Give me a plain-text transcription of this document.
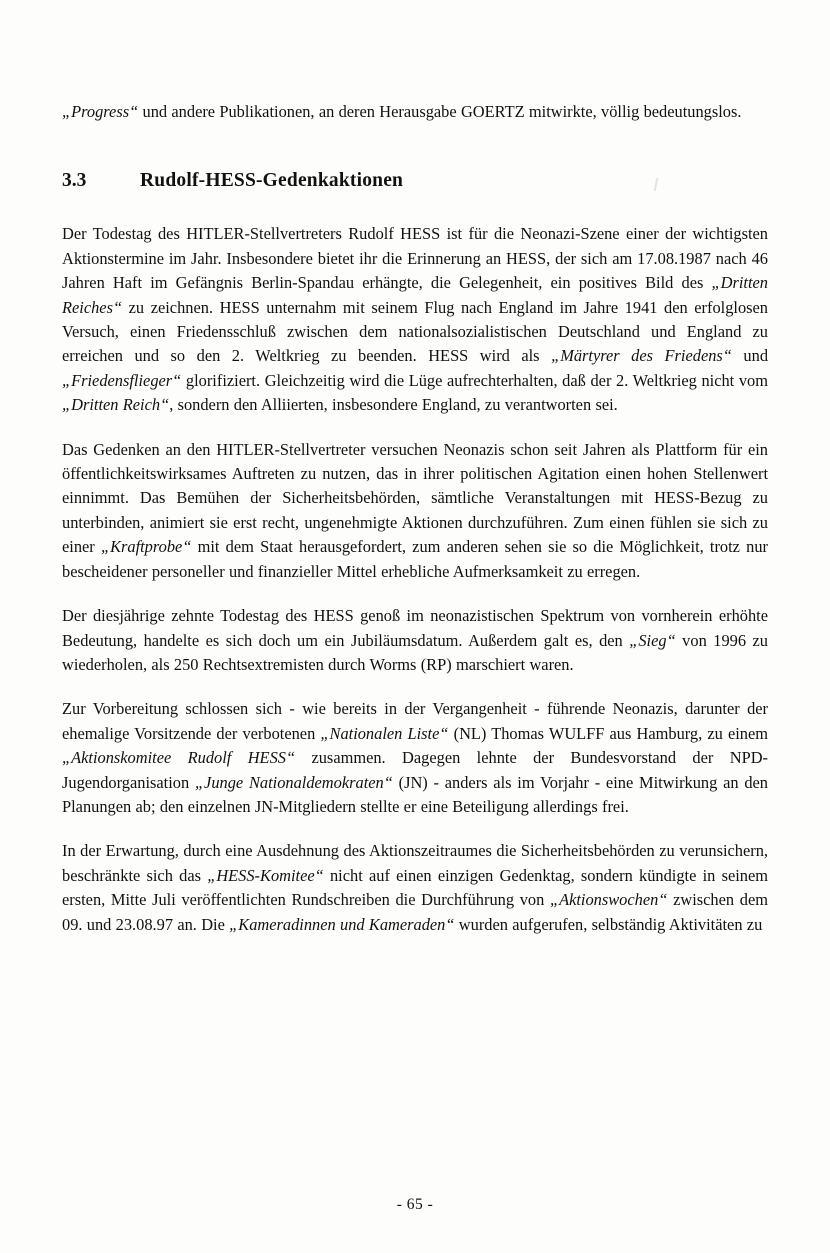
„Progress“ und andere Publikationen, an deren Herausgabe GOERTZ mitwirkte, völlig bedeutungslos.

3.3	Rudolf-HESS-Gedenkaktionen

Der Todestag des HITLER-Stellvertreters Rudolf HESS ist für die Neonazi-Szene einer der wichtigsten Aktionstermine im Jahr. Insbesondere bietet ihr die Erinnerung an HESS, der sich am 17.08.1987 nach 46 Jahren Haft im Gefängnis Berlin-Spandau erhängte, die Gelegenheit, ein positives Bild des „Dritten Reiches“ zu zeichnen. HESS unternahm mit seinem Flug nach England im Jahre 1941 den erfolglosen Versuch, einen Friedensschluß zwischen dem nationalsozialistischen Deutschland und England zu erreichen und so den 2. Weltkrieg zu beenden. HESS wird als „Märtyrer des Friedens“ und „Friedensflieger“ glorifiziert. Gleichzeitig wird die Lüge aufrechterhalten, daß der 2. Weltkrieg nicht vom „Dritten Reich“, sondern den Alliierten, insbesondere England, zu verantworten sei.

Das Gedenken an den HITLER-Stellvertreter versuchen Neonazis schon seit Jahren als Plattform für ein öffentlichkeitswirksames Auftreten zu nutzen, das in ihrer politischen Agitation einen hohen Stellenwert einnimmt. Das Bemühen der Sicherheitsbehörden, sämtliche Veranstaltungen mit HESS-Bezug zu unterbinden, animiert sie erst recht, ungenehmigte Aktionen durchzuführen. Zum einen fühlen sie sich zu einer „Kraftprobe“ mit dem Staat herausgefordert, zum anderen sehen sie so die Möglichkeit, trotz nur bescheidener personeller und finanzieller Mittel erhebliche Aufmerksamkeit zu erregen.

Der diesjährige zehnte Todestag des HESS genoß im neonazistischen Spektrum von vornherein erhöhte Bedeutung, handelte es sich doch um ein Jubiläumsdatum. Außerdem galt es, den „Sieg“ von 1996 zu wiederholen, als 250 Rechtsextremisten durch Worms (RP) marschiert waren.

Zur Vorbereitung schlossen sich - wie bereits in der Vergangenheit - führende Neonazis, darunter der ehemalige Vorsitzende der verbotenen „Nationalen Liste“ (NL) Thomas WULFF aus Hamburg, zu einem „Aktionskomitee Rudolf HESS“ zusammen. Dagegen lehnte der Bundesvorstand der NPD-Jugendorganisation „Junge Nationaldemokraten“ (JN) - anders als im Vorjahr - eine Mitwirkung an den Planungen ab; den einzelnen JN-Mitgliedern stellte er eine Beteiligung allerdings frei.

In der Erwartung, durch eine Ausdehnung des Aktionszeitraumes die Sicherheitsbehörden zu verunsichern, beschränkte sich das „HESS-Komitee“ nicht auf einen einzigen Gedenktag, sondern kündigte in seinem ersten, Mitte Juli veröffentlichten Rundschreiben die Durchführung von „Aktionswochen“ zwischen dem 09. und 23.08.97 an. Die „Kameradinnen und Kameraden“ wurden aufgerufen, selbständig Aktivitäten zu

- 65 -
